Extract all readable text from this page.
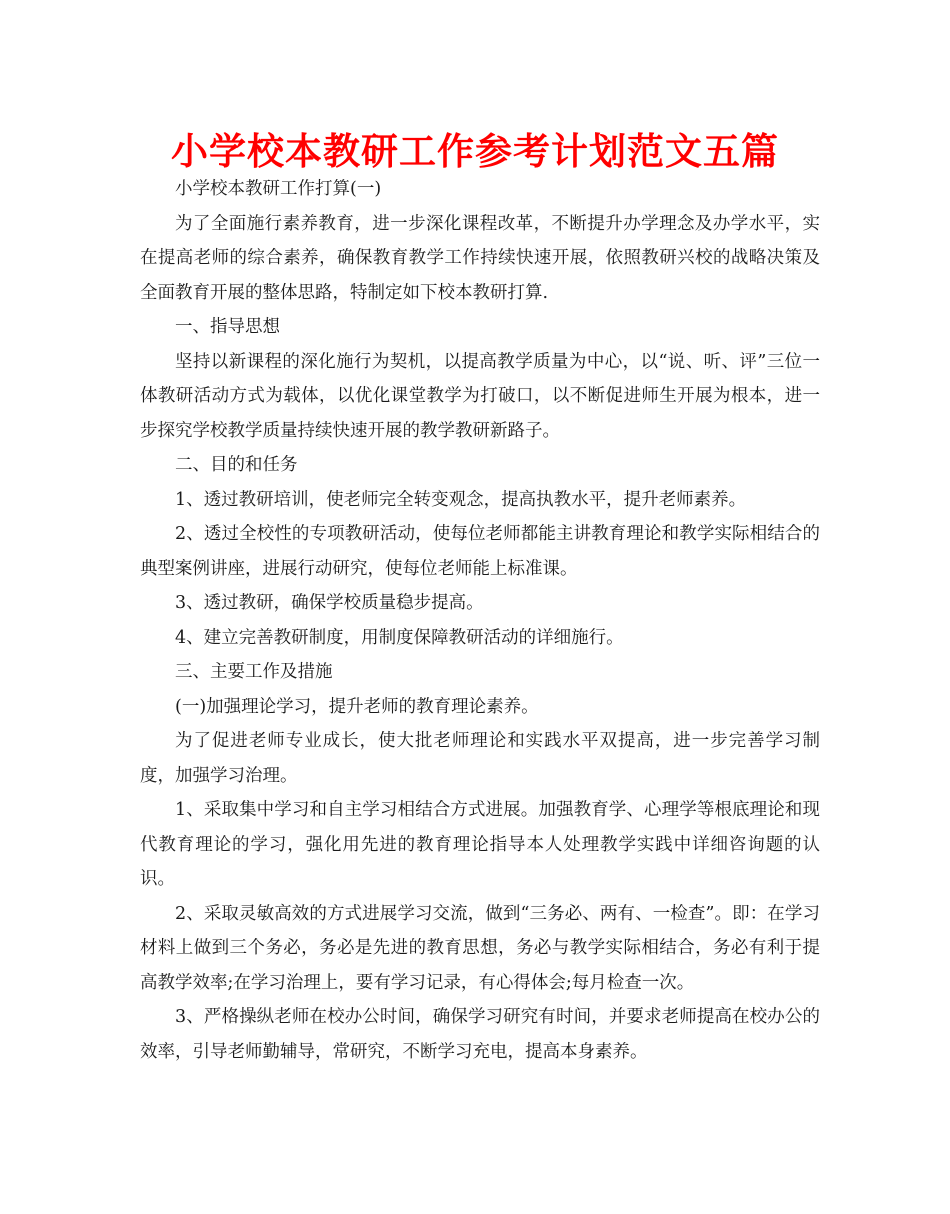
小学校本教研工作参考计划范文五篇

小学校本教研工作打算(一)

为了全面施行素养教育，进一步深化课程改革，不断提升办学理念及办学水平，实在提高老师的综合素养，确保教育教学工作持续快速开展，依照教研兴校的战略决策及全面教育开展的整体思路，特制定如下校本教研打算.

一、指导思想

坚持以新课程的深化施行为契机，以提高教学质量为中心，以“说、听、评”三位一体教研活动方式为载体，以优化课堂教学为打破口，以不断促进师生开展为根本，进一步探究学校教学质量持续快速开展的教学教研新路子。

二、目的和任务

1、透过教研培训，使老师完全转变观念，提高执教水平，提升老师素养。

2、透过全校性的专项教研活动，使每位老师都能主讲教育理论和教学实际相结合的典型案例讲座，进展行动研究，使每位老师能上标准课。

3、透过教研，确保学校质量稳步提高。

4、建立完善教研制度，用制度保障教研活动的详细施行。

三、主要工作及措施

(一)加强理论学习，提升老师的教育理论素养。

为了促进老师专业成长，使大批老师理论和实践水平双提高，进一步完善学习制度，加强学习治理。

1、采取集中学习和自主学习相结合方式进展。加强教育学、心理学等根底理论和现代教育理论的学习，强化用先进的教育理论指导本人处理教学实践中详细咨询题的认识。

2、采取灵敏高效的方式进展学习交流，做到“三务必、两有、一检查”。即：在学习材料上做到三个务必，务必是先进的教育思想，务必与教学实际相结合，务必有利于提高教学效率;在学习治理上，要有学习记录，有心得体会;每月检查一次。

3、严格操纵老师在校办公时间，确保学习研究有时间，并要求老师提高在校办公的效率，引导老师勤辅导，常研究，不断学习充电，提高本身素养。
